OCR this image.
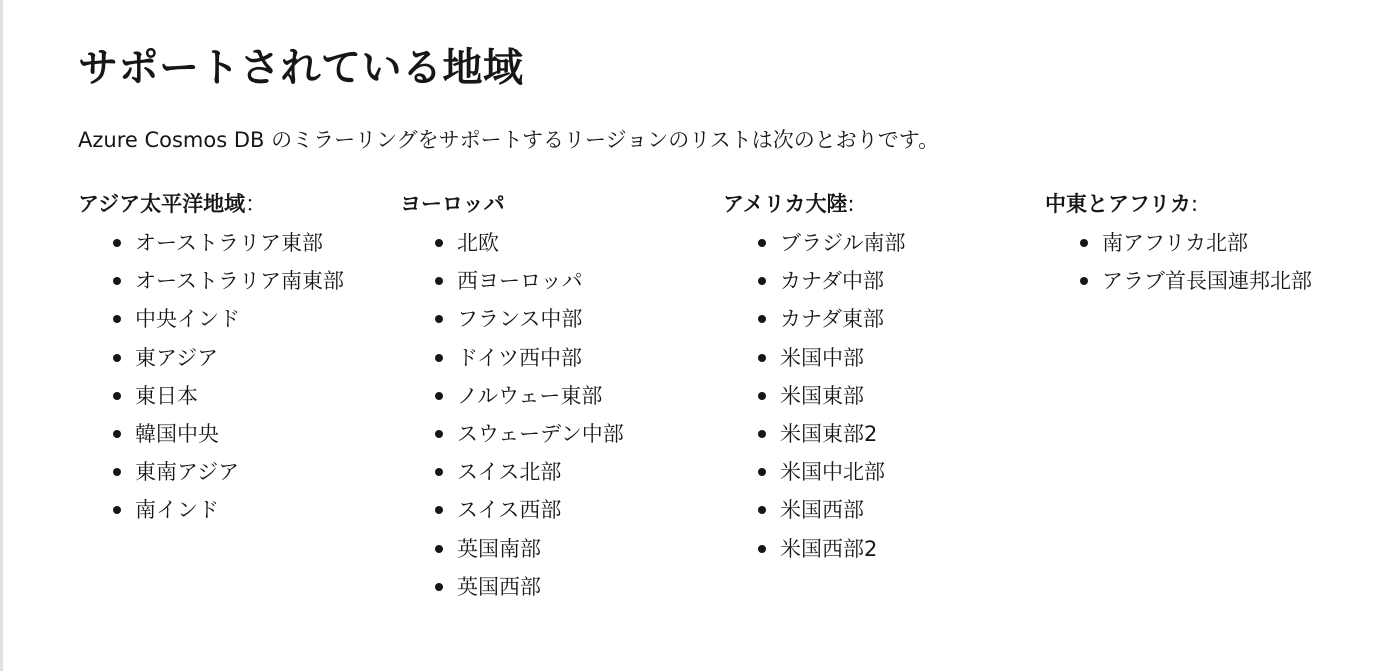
サポートされている地域

Azure Cosmos DB のミラーリングをサポートするリージョンのリストは次のとおりです。

アジア太平洋地域：
オーストラリア東部
オーストラリア南東部
中央インド
東アジア
東日本
韓国中央
東南アジア
南インド
ヨーロッパ
北欧
西ヨーロッパ
フランス中部
ドイツ西中部
ノルウェー東部
スウェーデン中部
スイス北部
スイス西部
英国南部
英国西部
アメリカ大陸:
ブラジル南部
カナダ中部
カナダ東部
米国中部
米国東部
米国東部2
米国中北部
米国西部
米国西部2
中東とアフリカ:
南アフリカ北部
アラブ首長国連邦北部
